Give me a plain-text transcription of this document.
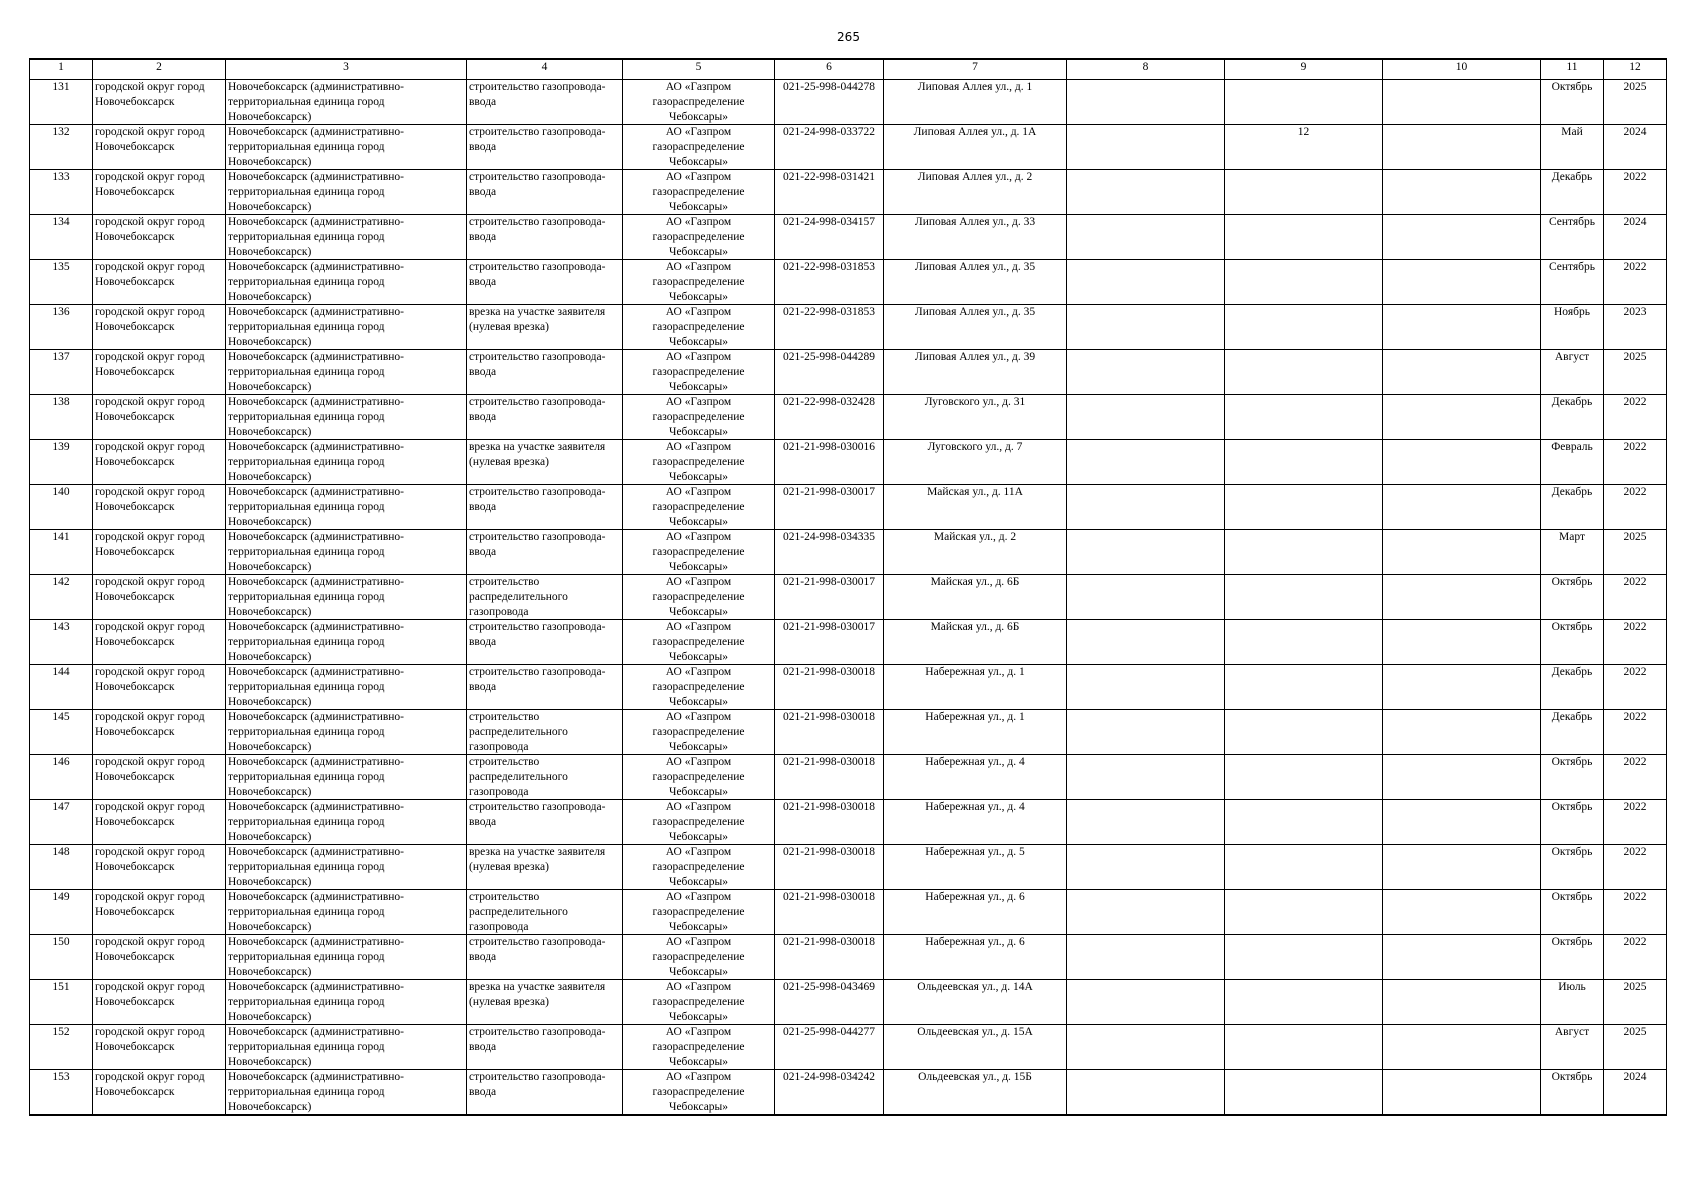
265
1	2	3	4	5	6	7	8	9	10	11	12

131	городской округ город Новочебоксарск	Новочебоксарск (административно-территориальная единица город Новочебоксарск)	строительство газопровода-ввода	АО «Газпром газораспределение Чебоксары»	021-25-998-044278	Липовая Аллея ул., д. 1				Октябрь	2025

132	городской округ город Новочебоксарск	Новочебоксарск (административно-территориальная единица город Новочебоксарск)	строительство газопровода-ввода	АО «Газпром газораспределение Чебоксары»	021-24-998-033722	Липовая Аллея ул., д. 1А		12		Май	2024

133	городской округ город Новочебоксарск	Новочебоксарск (административно-территориальная единица город Новочебоксарск)	строительство газопровода-ввода	АО «Газпром газораспределение Чебоксары»	021-22-998-031421	Липовая Аллея ул., д. 2				Декабрь	2022

134	городской округ город Новочебоксарск	Новочебоксарск (административно-территориальная единица город Новочебоксарск)	строительство газопровода-ввода	АО «Газпром газораспределение Чебоксары»	021-24-998-034157	Липовая Аллея ул., д. 33				Сентябрь	2024

135	городской округ город Новочебоксарск	Новочебоксарск (административно-территориальная единица город Новочебоксарск)	строительство газопровода-ввода	АО «Газпром газораспределение Чебоксары»	021-22-998-031853	Липовая Аллея ул., д. 35				Сентябрь	2022

136	городской округ город Новочебоксарск	Новочебоксарск (административно-территориальная единица город Новочебоксарск)	врезка на участке заявителя (нулевая врезка)	АО «Газпром газораспределение Чебоксары»	021-22-998-031853	Липовая Аллея ул., д. 35				Ноябрь	2023

137	городской округ город Новочебоксарск	Новочебоксарск (административно-территориальная единица город Новочебоксарск)	строительство газопровода-ввода	АО «Газпром газораспределение Чебоксары»	021-25-998-044289	Липовая Аллея ул., д. 39				Август	2025

138	городской округ город Новочебоксарск	Новочебоксарск (административно-территориальная единица город Новочебоксарск)	строительство газопровода-ввода	АО «Газпром газораспределение Чебоксары»	021-22-998-032428	Луговского ул., д. 31				Декабрь	2022

139	городской округ город Новочебоксарск	Новочебоксарск (административно-территориальная единица город Новочебоксарск)	врезка на участке заявителя (нулевая врезка)	АО «Газпром газораспределение Чебоксары»	021-21-998-030016	Луговского ул., д. 7				Февраль	2022

140	городской округ город Новочебоксарск	Новочебоксарск (административно-территориальная единица город Новочебоксарск)	строительство газопровода-ввода	АО «Газпром газораспределение Чебоксары»	021-21-998-030017	Майская ул., д. 11А				Декабрь	2022

141	городской округ город Новочебоксарск	Новочебоксарск (административно-территориальная единица город Новочебоксарск)	строительство газопровода-ввода	АО «Газпром газораспределение Чебоксары»	021-24-998-034335	Майская ул., д. 2				Март	2025

142	городской округ город Новочебоксарск	Новочебоксарск (административно-территориальная единица город Новочебоксарск)	строительство распределительного газопровода	АО «Газпром газораспределение Чебоксары»	021-21-998-030017	Майская ул., д. 6Б				Октябрь	2022

143	городской округ город Новочебоксарск	Новочебоксарск (административно-территориальная единица город Новочебоксарск)	строительство газопровода-ввода	АО «Газпром газораспределение Чебоксары»	021-21-998-030017	Майская ул., д. 6Б				Октябрь	2022

144	городской округ город Новочебоксарск	Новочебоксарск (административно-территориальная единица город Новочебоксарск)	строительство газопровода-ввода	АО «Газпром газораспределение Чебоксары»	021-21-998-030018	Набережная ул., д. 1				Декабрь	2022

145	городской округ город Новочебоксарск	Новочебоксарск (административно-территориальная единица город Новочебоксарск)	строительство распределительного газопровода	АО «Газпром газораспределение Чебоксары»	021-21-998-030018	Набережная ул., д. 1				Декабрь	2022

146	городской округ город Новочебоксарск	Новочебоксарск (административно-территориальная единица город Новочебоксарск)	строительство распределительного газопровода	АО «Газпром газораспределение Чебоксары»	021-21-998-030018	Набережная ул., д. 4				Октябрь	2022

147	городской округ город Новочебоксарск	Новочебоксарск (административно-территориальная единица город Новочебоксарск)	строительство газопровода-ввода	АО «Газпром газораспределение Чебоксары»	021-21-998-030018	Набережная ул., д. 4				Октябрь	2022

148	городской округ город Новочебоксарск	Новочебоксарск (административно-территориальная единица город Новочебоксарск)	врезка на участке заявителя (нулевая врезка)	АО «Газпром газораспределение Чебоксары»	021-21-998-030018	Набережная ул., д. 5				Октябрь	2022

149	городской округ город Новочебоксарск	Новочебоксарск (административно-территориальная единица город Новочебоксарск)	строительство распределительного газопровода	АО «Газпром газораспределение Чебоксары»	021-21-998-030018	Набережная ул., д. 6				Октябрь	2022

150	городской округ город Новочебоксарск	Новочебоксарск (административно-территориальная единица город Новочебоксарск)	строительство газопровода-ввода	АО «Газпром газораспределение Чебоксары»	021-21-998-030018	Набережная ул., д. 6				Октябрь	2022

151	городской округ город Новочебоксарск	Новочебоксарск (административно-территориальная единица город Новочебоксарск)	врезка на участке заявителя (нулевая врезка)	АО «Газпром газораспределение Чебоксары»	021-25-998-043469	Ольдеевская ул., д. 14А				Июль	2025

152	городской округ город Новочебоксарск	Новочебоксарск (административно-территориальная единица город Новочебоксарск)	строительство газопровода-ввода	АО «Газпром газораспределение Чебоксары»	021-25-998-044277	Ольдеевская ул., д. 15А				Август	2025

153	городской округ город Новочебоксарск	Новочебоксарск (административно-территориальная единица город Новочебоксарск)	строительство газопровода-ввода	АО «Газпром газораспределение Чебоксары»	021-24-998-034242	Ольдеевская ул., д. 15Б				Октябрь	2024
